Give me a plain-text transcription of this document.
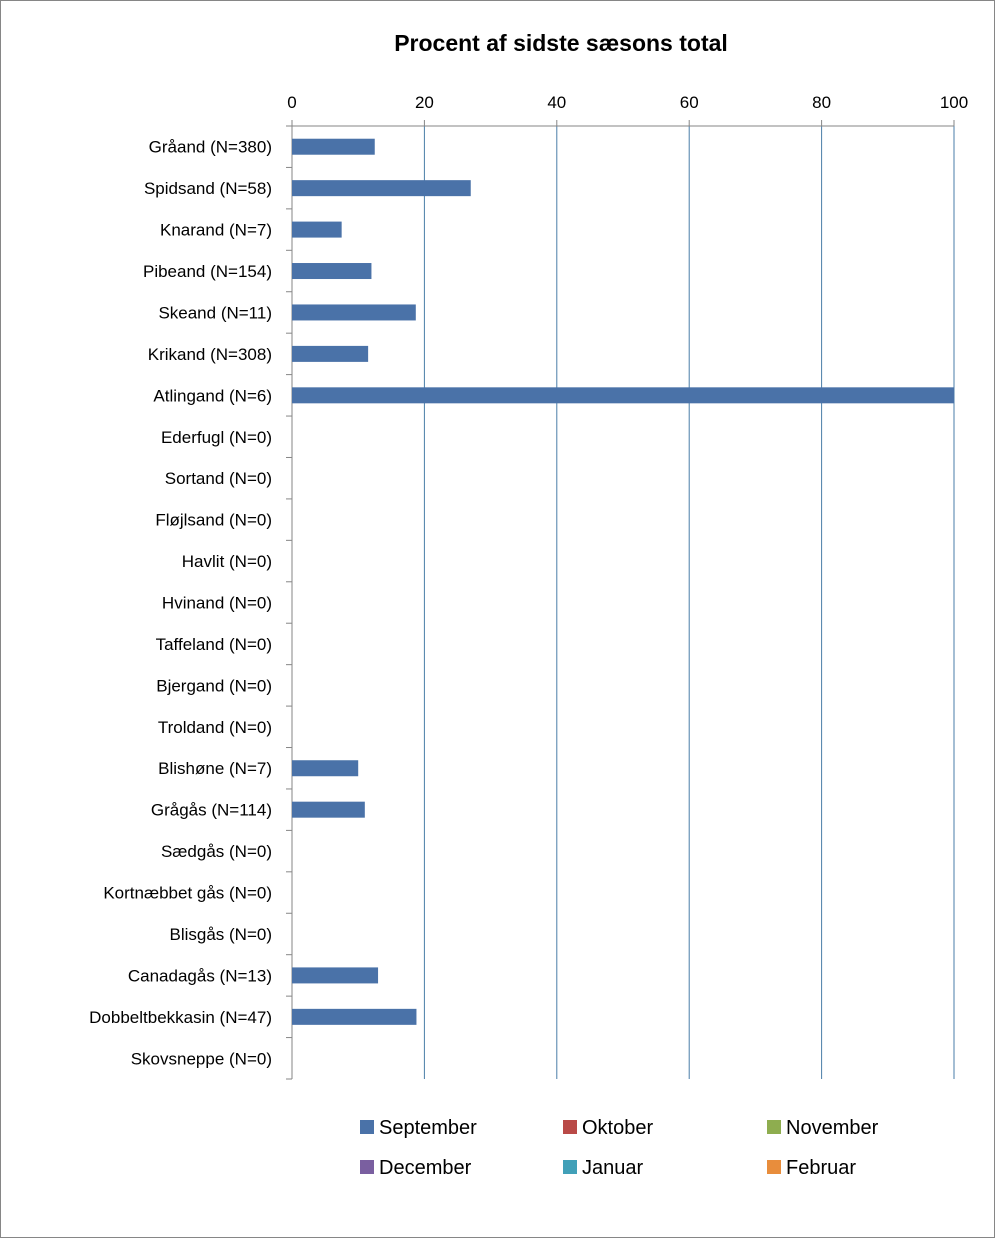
Procent af sidste sæsons total
0	20	40	60	80	100
Gråand (N=380)
Spidsand (N=58)
Knarand (N=7)
Pibeand (N=154)
Skeand (N=11)
Krikand (N=308)
Atlingand (N=6)
Ederfugl (N=0)
Sortand (N=0)
Fløjlsand (N=0)
Havlit (N=0)
Hvinand (N=0)
Taffeland (N=0)
Bjergand (N=0)
Troldand (N=0)
Blishøne (N=7)
Grågås (N=114)
Sædgås (N=0)
Kortnæbbet gås (N=0)
Blisgås (N=0)
Canadagås (N=13)
Dobbeltbekkasin (N=47)
Skovsneppe (N=0)
September	Oktober	November
December	Januar	Februar
